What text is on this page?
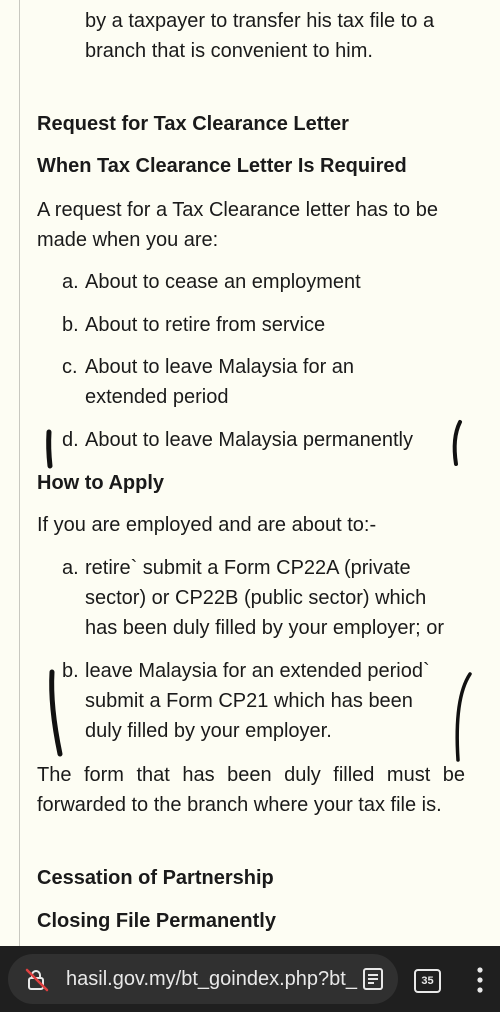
by a taxpayer to transfer his tax file to a branch that is convenient to him.
Request for Tax Clearance Letter
When Tax Clearance Letter Is Required
A request for a Tax Clearance letter has to be made when you are:
a. About to cease an employment
b. About to retire from service
c. About to leave Malaysia for an extended period
d. About to leave Malaysia permanently
How to Apply
If you are employed and are about to:-
a. retire` submit a Form CP22A (private sector) or CP22B (public sector) which has been duly filled by your employer; or
b. leave Malaysia for an extended period` submit a Form CP21 which has been duly filled by your employer.
The form that has been duly filled must be forwarded to the branch where your tax file is.
Cessation of Partnership
Closing File Permanently
hasil.gov.my/bt_goindex.php?bt_	35
